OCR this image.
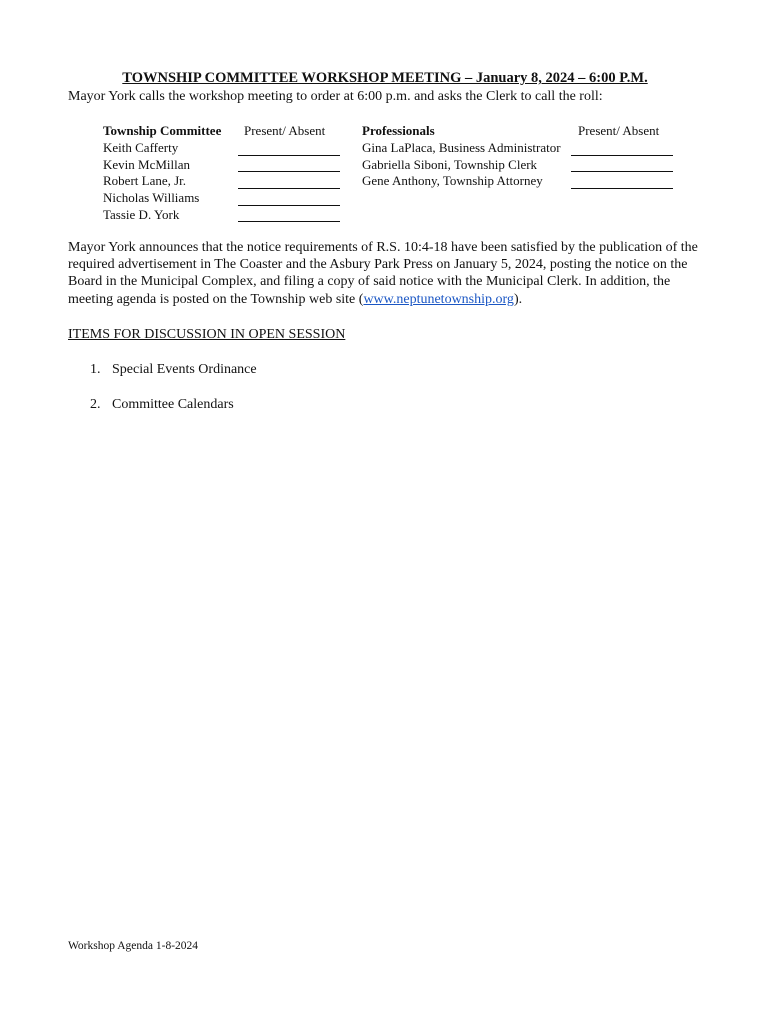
TOWNSHIP COMMITTEE WORKSHOP MEETING – January 8, 2024 – 6:00 P.M.
Mayor York calls the workshop meeting to order at 6:00 p.m. and asks the Clerk to call the roll:
Township Committee
Keith Cafferty
Kevin McMillan
Robert Lane, Jr.
Nicholas Williams
Tassie D. York
Present/ Absent	Professionals
Gina LaPlaca, Business Administrator
Gabriella Siboni, Township Clerk
Gene Anthony, Township Attorney
Present/ Absent
Mayor York announces that the notice requirements of R.S. 10:4-18 have been satisfied by the publication of the required advertisement in The Coaster and the Asbury Park Press on January 5, 2024, posting the notice on the Board in the Municipal Complex, and filing a copy of said notice with the Municipal Clerk. In addition, the meeting agenda is posted on the Township web site (www.neptunetownship.org).
ITEMS FOR DISCUSSION IN OPEN SESSION
1. Special Events Ordinance
2. Committee Calendars
Workshop Agenda 1-8-2024
